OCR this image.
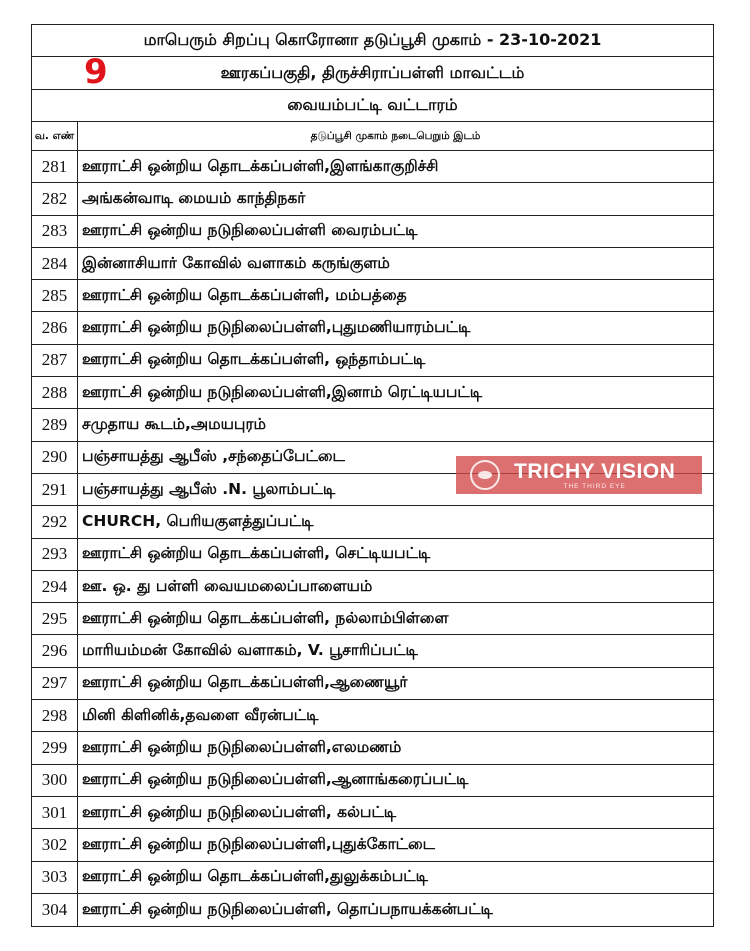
மாபெரும் சிறப்பு கொரோனா தடுப்பூசி முகாம் - 23-10-2021
9	ஊரகப்பகுதி, திருச்சிராப்பள்ளி மாவட்டம்
வையம்பட்டி வட்டாரம்
வ. எண்	தடுப்பூசி முகாம் நடைபெறும் இடம்
281 ஊராட்சி ஒன்றிய தொடக்கப்பள்ளி,இளங்காகுறிச்சி
282 அங்கன்வாடி மையம் காந்திநகர்
283 ஊராட்சி ஒன்றிய நடுநிலைப்பள்ளி வைரம்பட்டி
284 இன்னாசியார் கோவில் வளாகம் கருங்குளம்
285 ஊராட்சி ஒன்றிய தொடக்கப்பள்ளி, மம்பத்தை
286 ஊராட்சி ஒன்றிய நடுநிலைப்பள்ளி,புதுமணியாரம்பட்டி
287 ஊராட்சி ஒன்றிய தொடக்கப்பள்ளி, ஒந்தாம்பட்டி
288 ஊராட்சி ஒன்றிய நடுநிலைப்பள்ளி,இனாம் ரெட்டியபட்டி
289 சமுதாய கூடம்,அமயபுரம்
290 பஞ்சாயத்து ஆபீஸ் ,சந்தைப்பேட்டை
291 பஞ்சாயத்து ஆபீஸ் .N. பூலாம்பட்டி
292 CHURCH, பெரியகுளத்துப்பட்டி
293 ஊராட்சி ஒன்றிய தொடக்கப்பள்ளி, செட்டியபட்டி
294 ஊ. ஒ. து பள்ளி வையமலைப்பாளையம்
295 ஊராட்சி ஒன்றிய தொடக்கப்பள்ளி, நல்லாம்பிள்ளை
296 மாரியம்மன் கோவில் வளாகம், V. பூசாரிப்பட்டி
297 ஊராட்சி ஒன்றிய தொடக்கப்பள்ளி,ஆணையூர்
298 மினி கிளினிக்,தவளை வீரன்பட்டி
299 ஊராட்சி ஒன்றிய நடுநிலைப்பள்ளி,எலமணம்
300 ஊராட்சி ஒன்றிய நடுநிலைப்பள்ளி,ஆனாங்கரைப்பட்டி
301 ஊராட்சி ஒன்றிய நடுநிலைப்பள்ளி, கல்பட்டி
302 ஊராட்சி ஒன்றிய நடுநிலைப்பள்ளி,புதுக்கோட்டை
303 ஊராட்சி ஒன்றிய தொடக்கப்பள்ளி,துலுக்கம்பட்டி
304 ஊராட்சி ஒன்றிய நடுநிலைப்பள்ளி, தொப்பநாயக்கன்பட்டி
TRICHY VISION
THE THIRD EYE
